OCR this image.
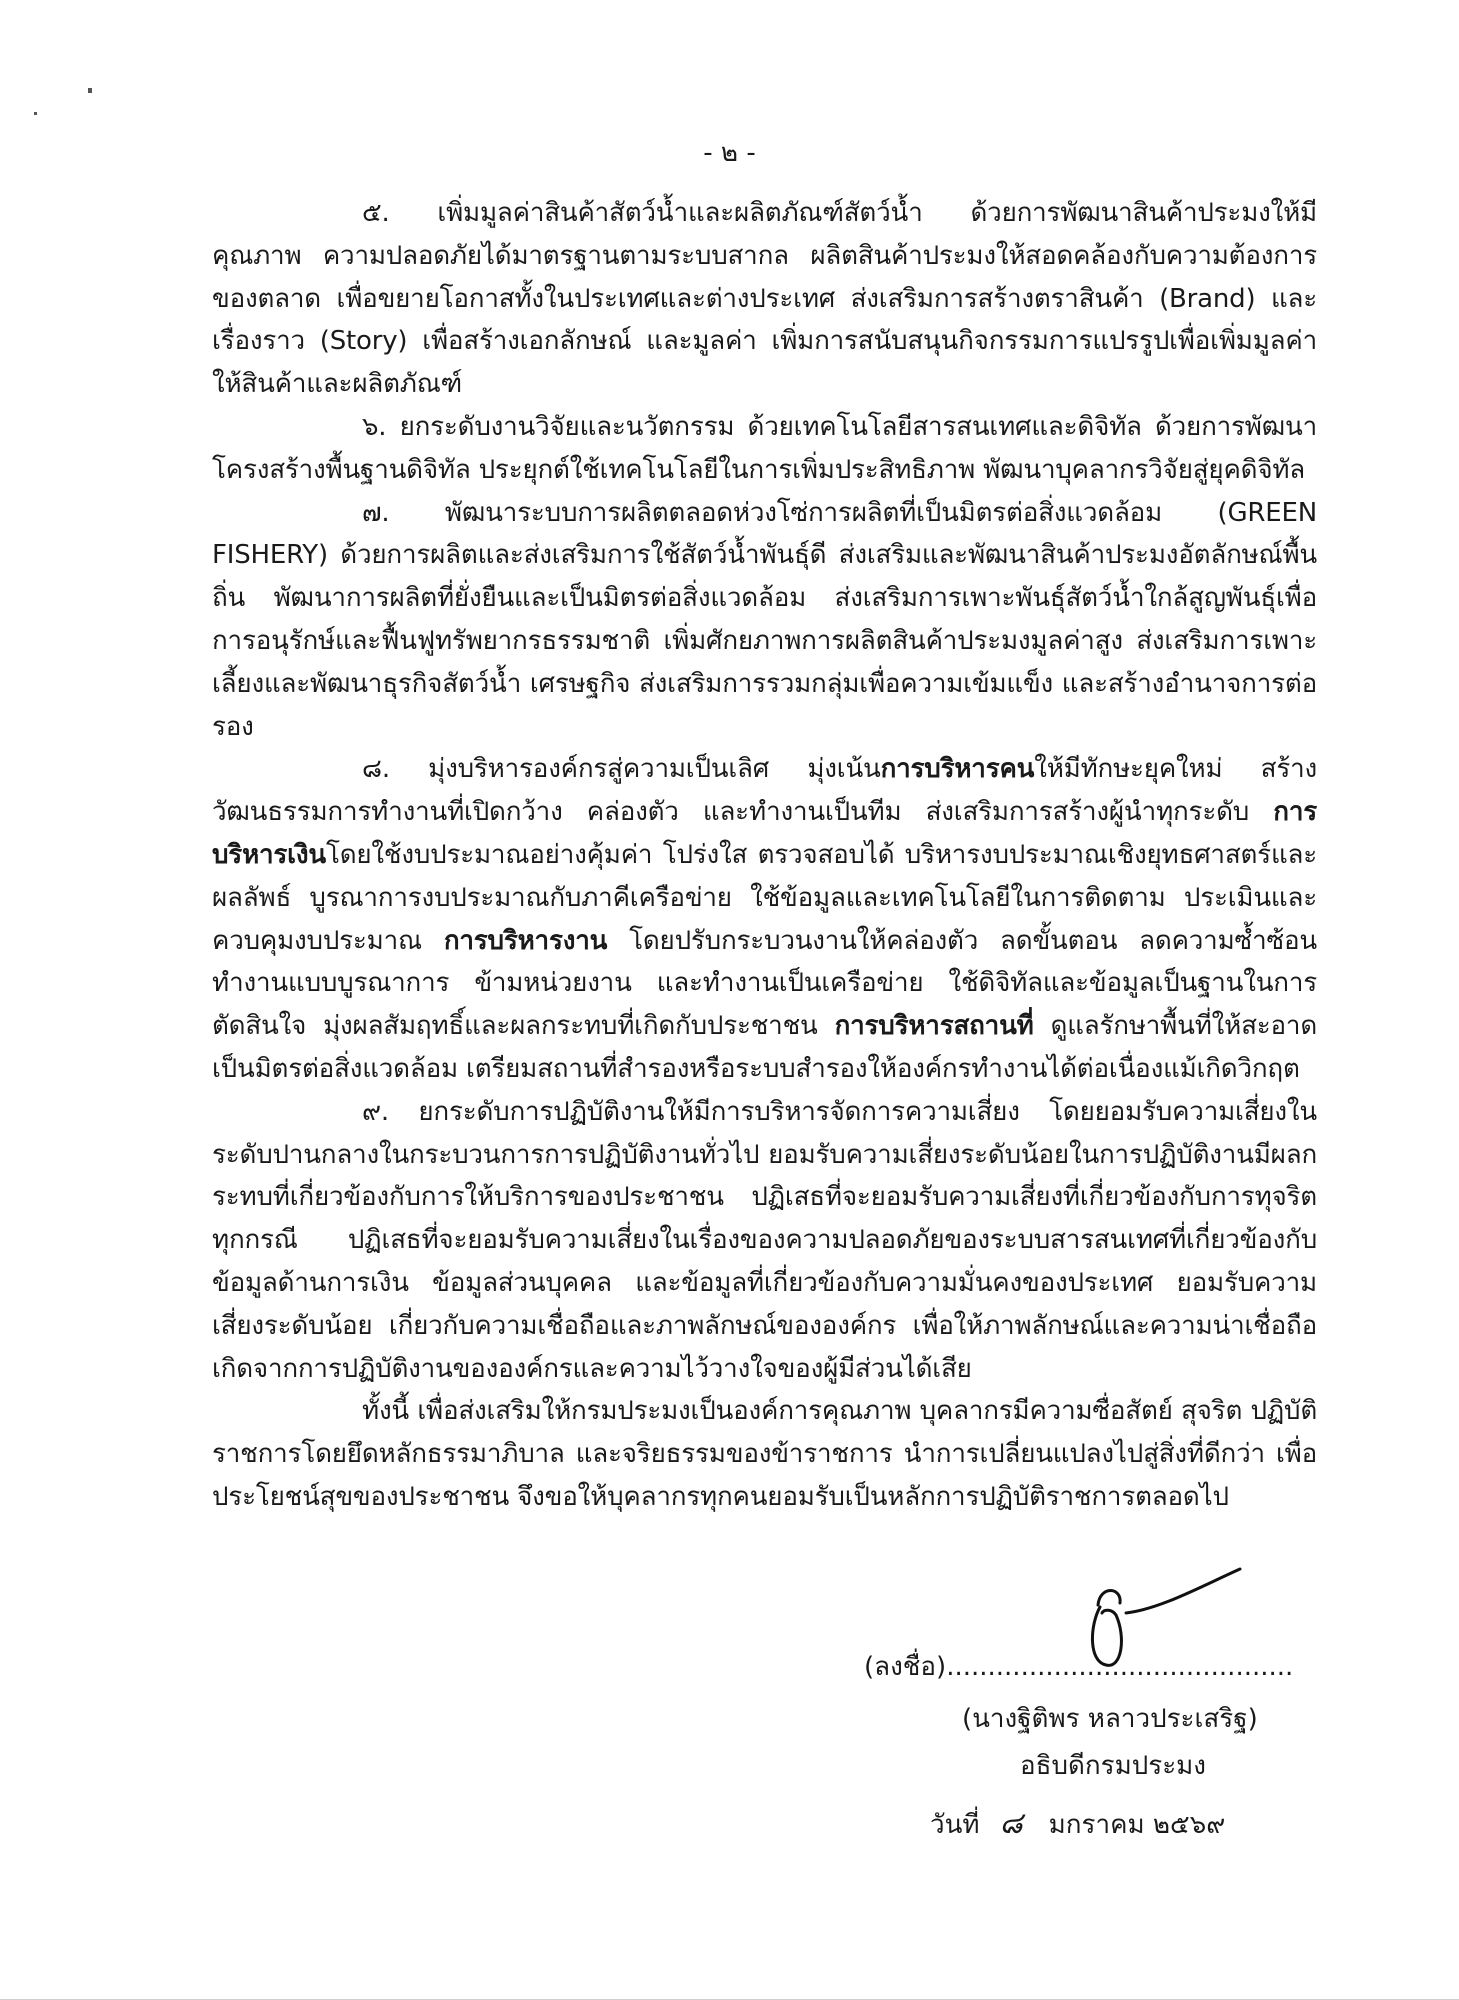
- ๒ -

๕. เพิ่มมูลค่าสินค้าสัตว์น้ำและผลิตภัณฑ์สัตว์น้ำ ด้วยการพัฒนาสินค้าประมงให้มีคุณภาพ ความปลอดภัยได้มาตรฐานตามระบบสากล ผลิตสินค้าประมงให้สอดคล้องกับความต้องการของตลาด เพื่อขยายโอกาสทั้งในประเทศและต่างประเทศ ส่งเสริมการสร้างตราสินค้า (Brand) และเรื่องราว (Story) เพื่อสร้างเอกลักษณ์ และมูลค่า เพิ่มการสนับสนุนกิจกรรมการแปรรูปเพื่อเพิ่มมูลค่าให้สินค้าและผลิตภัณฑ์

๖. ยกระดับงานวิจัยและนวัตกรรม ด้วยเทคโนโลยีสารสนเทศและดิจิทัล ด้วยการพัฒนาโครงสร้างพื้นฐานดิจิทัล ประยุกต์ใช้เทคโนโลยีในการเพิ่มประสิทธิภาพ พัฒนาบุคลากรวิจัยสู่ยุคดิจิทัล

๗. พัฒนาระบบการผลิตตลอดห่วงโซ่การผลิตที่เป็นมิตรต่อสิ่งแวดล้อม (GREEN FISHERY) ด้วยการผลิตและส่งเสริมการใช้สัตว์น้ำพันธุ์ดี ส่งเสริมและพัฒนาสินค้าประมงอัตลักษณ์พื้นถิ่น พัฒนาการผลิตที่ยั่งยืนและเป็นมิตรต่อสิ่งแวดล้อม ส่งเสริมการเพาะพันธุ์สัตว์น้ำใกล้สูญพันธุ์เพื่อการอนุรักษ์และฟื้นฟูทรัพยากรธรรมชาติ เพิ่มศักยภาพการผลิตสินค้าประมงมูลค่าสูง ส่งเสริมการเพาะเลี้ยงและพัฒนาธุรกิจสัตว์น้ำ เศรษฐกิจ ส่งเสริมการรวมกลุ่มเพื่อความเข้มแข็ง และสร้างอำนาจการต่อรอง

๘. มุ่งบริหารองค์กรสู่ความเป็นเลิศ มุ่งเน้นการบริหารคนให้มีทักษะยุคใหม่ สร้างวัฒนธรรมการทำงานที่เปิดกว้าง คล่องตัว และทำงานเป็นทีม ส่งเสริมการสร้างผู้นำทุกระดับ การบริหารเงินโดยใช้งบประมาณอย่างคุ้มค่า โปร่งใส ตรวจสอบได้ บริหารงบประมาณเชิงยุทธศาสตร์และผลลัพธ์ บูรณาการงบประมาณกับภาคีเครือข่าย ใช้ข้อมูลและเทคโนโลยีในการติดตาม ประเมินและควบคุมงบประมาณ การบริหารงาน โดยปรับกระบวนงานให้คล่องตัว ลดขั้นตอน ลดความซ้ำซ้อน ทำงานแบบบูรณาการ ข้ามหน่วยงาน และทำงานเป็นเครือข่าย ใช้ดิจิทัลและข้อมูลเป็นฐานในการตัดสินใจ มุ่งผลสัมฤทธิ์และผลกระทบที่เกิดกับประชาชน การบริหารสถานที่ ดูแลรักษาพื้นที่ให้สะอาด เป็นมิตรต่อสิ่งแวดล้อม เตรียมสถานที่สำรองหรือระบบสำรองให้องค์กรทำงานได้ต่อเนื่องแม้เกิดวิกฤต

๙. ยกระดับการปฏิบัติงานให้มีการบริหารจัดการความเสี่ยง โดยยอมรับความเสี่ยงในระดับปานกลางในกระบวนการการปฏิบัติงานทั่วไป ยอมรับความเสี่ยงระดับน้อยในการปฏิบัติงานมีผลกระทบที่เกี่ยวข้องกับการให้บริการของประชาชน ปฏิเสธที่จะยอมรับความเสี่ยงที่เกี่ยวข้องกับการทุจริตทุกกรณี ปฏิเสธที่จะยอมรับความเสี่ยงในเรื่องของความปลอดภัยของระบบสารสนเทศที่เกี่ยวข้องกับข้อมูลด้านการเงิน ข้อมูลส่วนบุคคล และข้อมูลที่เกี่ยวข้องกับความมั่นคงของประเทศ ยอมรับความเสี่ยงระดับน้อย เกี่ยวกับความเชื่อถือและภาพลักษณ์ขององค์กร เพื่อให้ภาพลักษณ์และความน่าเชื่อถือเกิดจากการปฏิบัติงานขององค์กรและความไว้วางใจของผู้มีส่วนได้เสีย

ทั้งนี้ เพื่อส่งเสริมให้กรมประมงเป็นองค์การคุณภาพ บุคลากรมีความซื่อสัตย์ สุจริต ปฏิบัติราชการโดยยึดหลักธรรมาภิบาล และจริยธรรมของข้าราชการ นำการเปลี่ยนแปลงไปสู่สิ่งที่ดีกว่า เพื่อประโยชน์สุขของประชาชน จึงขอให้บุคลากรทุกคนยอมรับเป็นหลักการปฏิบัติราชการตลอดไป

(ลงชื่อ)..........................................
(นางฐิติพร หลาวประเสริฐ)
อธิบดีกรมประมง
วันที่ ๘ มกราคม ๒๕๖๙
